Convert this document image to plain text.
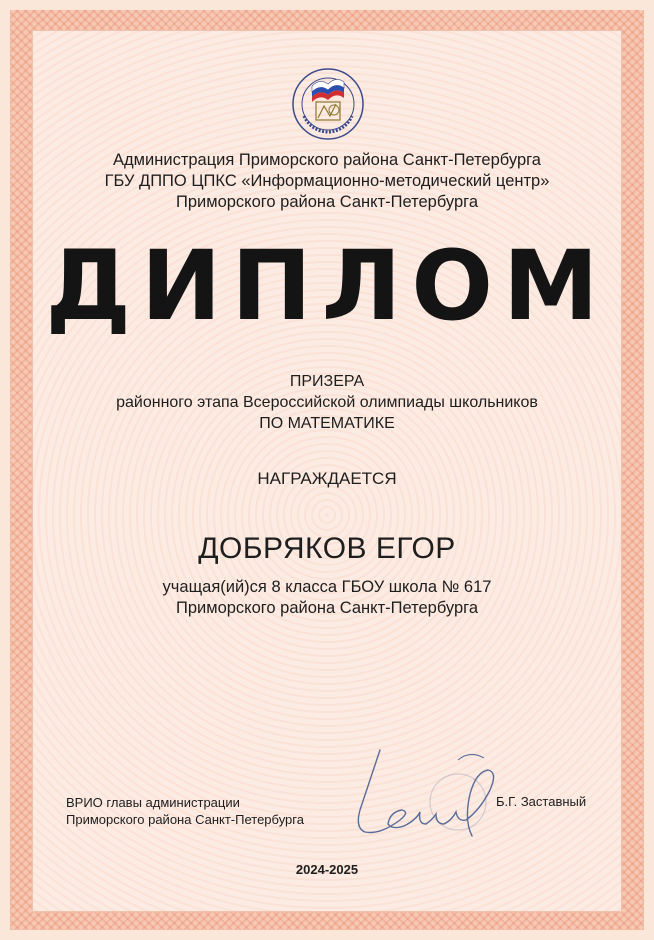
Администрация Приморского района Санкт-Петербурга
ГБУ ДППО ЦПКС «Информационно-методический центр»
Приморского района Санкт-Петербурга
ДИПЛОМ
ПРИЗЕРА
районного этапа Всероссийской олимпиады школьников
ПО МАТЕМАТИКЕ
НАГРАЖДАЕТСЯ
ДОБРЯКОВ ЕГОР
учащая(ий)ся 8 класса ГБОУ школа № 617
Приморского района Санкт-Петербурга
ВРИО главы администрации
Приморского района Санкт-Петербурга
Б.Г. Заставный
2024-2025
